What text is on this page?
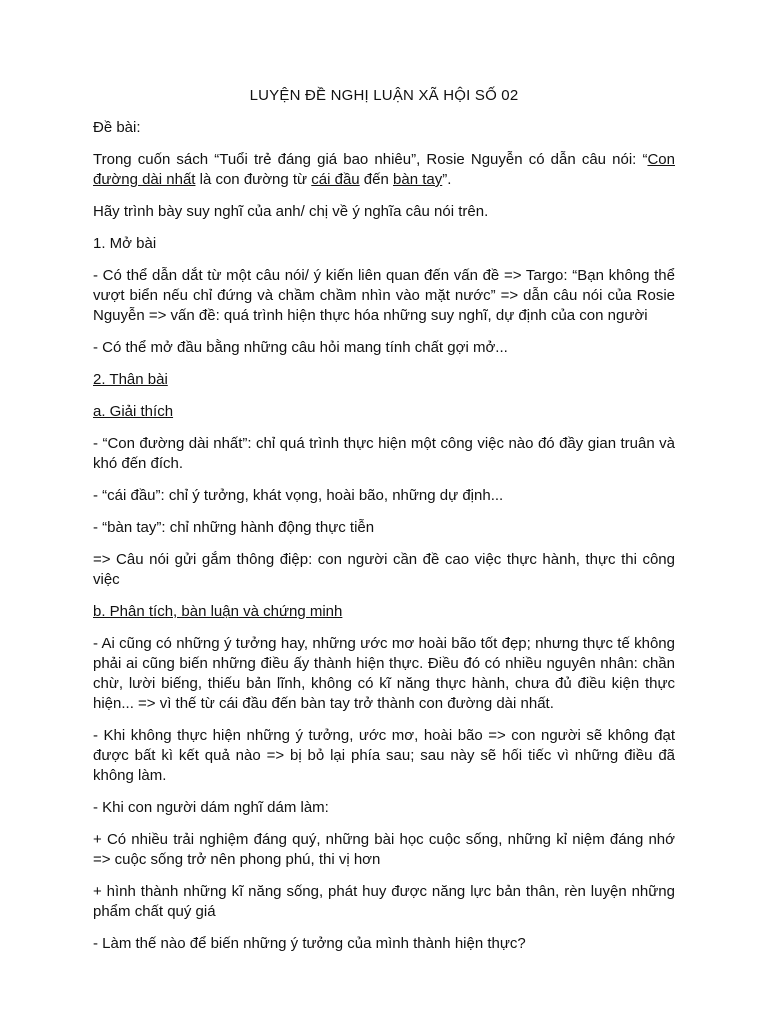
LUYỆN ĐỀ NGHỊ LUẬN XÃ HỘI SỐ 02
Đề bài:
Trong cuốn sách “Tuổi trẻ đáng giá bao nhiêu”, Rosie Nguyễn có dẫn câu nói: “Con đường dài nhất là con đường từ cái đầu đến bàn tay”.
Hãy trình bày suy nghĩ của anh/ chị về ý nghĩa câu nói trên.
1. Mở bài
- Có thể dẫn dắt từ một câu nói/ ý kiến liên quan đến vấn đề => Targo: “Bạn không thể vượt biển nếu chỉ đứng và chầm chầm nhìn vào mặt nước” => dẫn câu nói của Rosie Nguyễn => vấn đề: quá trình hiện thực hóa những suy nghĩ, dự định của con người
- Có thể mở đầu bằng những câu hỏi mang tính chất gợi mở...
2. Thân bài
a. Giải thích
- “Con đường dài nhất”: chỉ quá trình thực hiện một công việc nào đó đầy gian truân và khó đến đích.
- “cái đầu”: chỉ ý tưởng, khát vọng, hoài bão, những dự định...
- “bàn tay”: chỉ những hành động thực tiễn
=> Câu nói gửi gắm thông điệp: con người cần đề cao việc thực hành, thực thi công việc
b. Phân tích, bàn luận và chứng minh
- Ai cũng có những ý tưởng hay, những ước mơ hoài bão tốt đẹp; nhưng thực tế không phải ai cũng biến những điều ấy thành hiện thực. Điều đó có nhiều nguyên nhân: chần chừ, lười biếng, thiếu bản lĩnh, không có kĩ năng thực hành, chưa đủ điều kiện thực hiện... => vì thế từ cái đầu đến bàn tay trở thành con đường dài nhất.
- Khi không thực hiện những ý tưởng, ước mơ, hoài bão => con người sẽ không đạt được bất kì kết quả nào => bị bỏ lại phía sau; sau này sẽ hối tiếc vì những điều đã không làm.
- Khi con người dám nghĩ dám làm:
+ Có nhiều trải nghiệm đáng quý, những bài học cuộc sống, những kỉ niệm đáng nhớ => cuộc sống trở nên phong phú, thi vị hơn
+ hình thành những kĩ năng sống, phát huy được năng lực bản thân, rèn luyện những phẩm chất quý giá
- Làm thế nào để biến những ý tưởng của mình thành hiện thực?
